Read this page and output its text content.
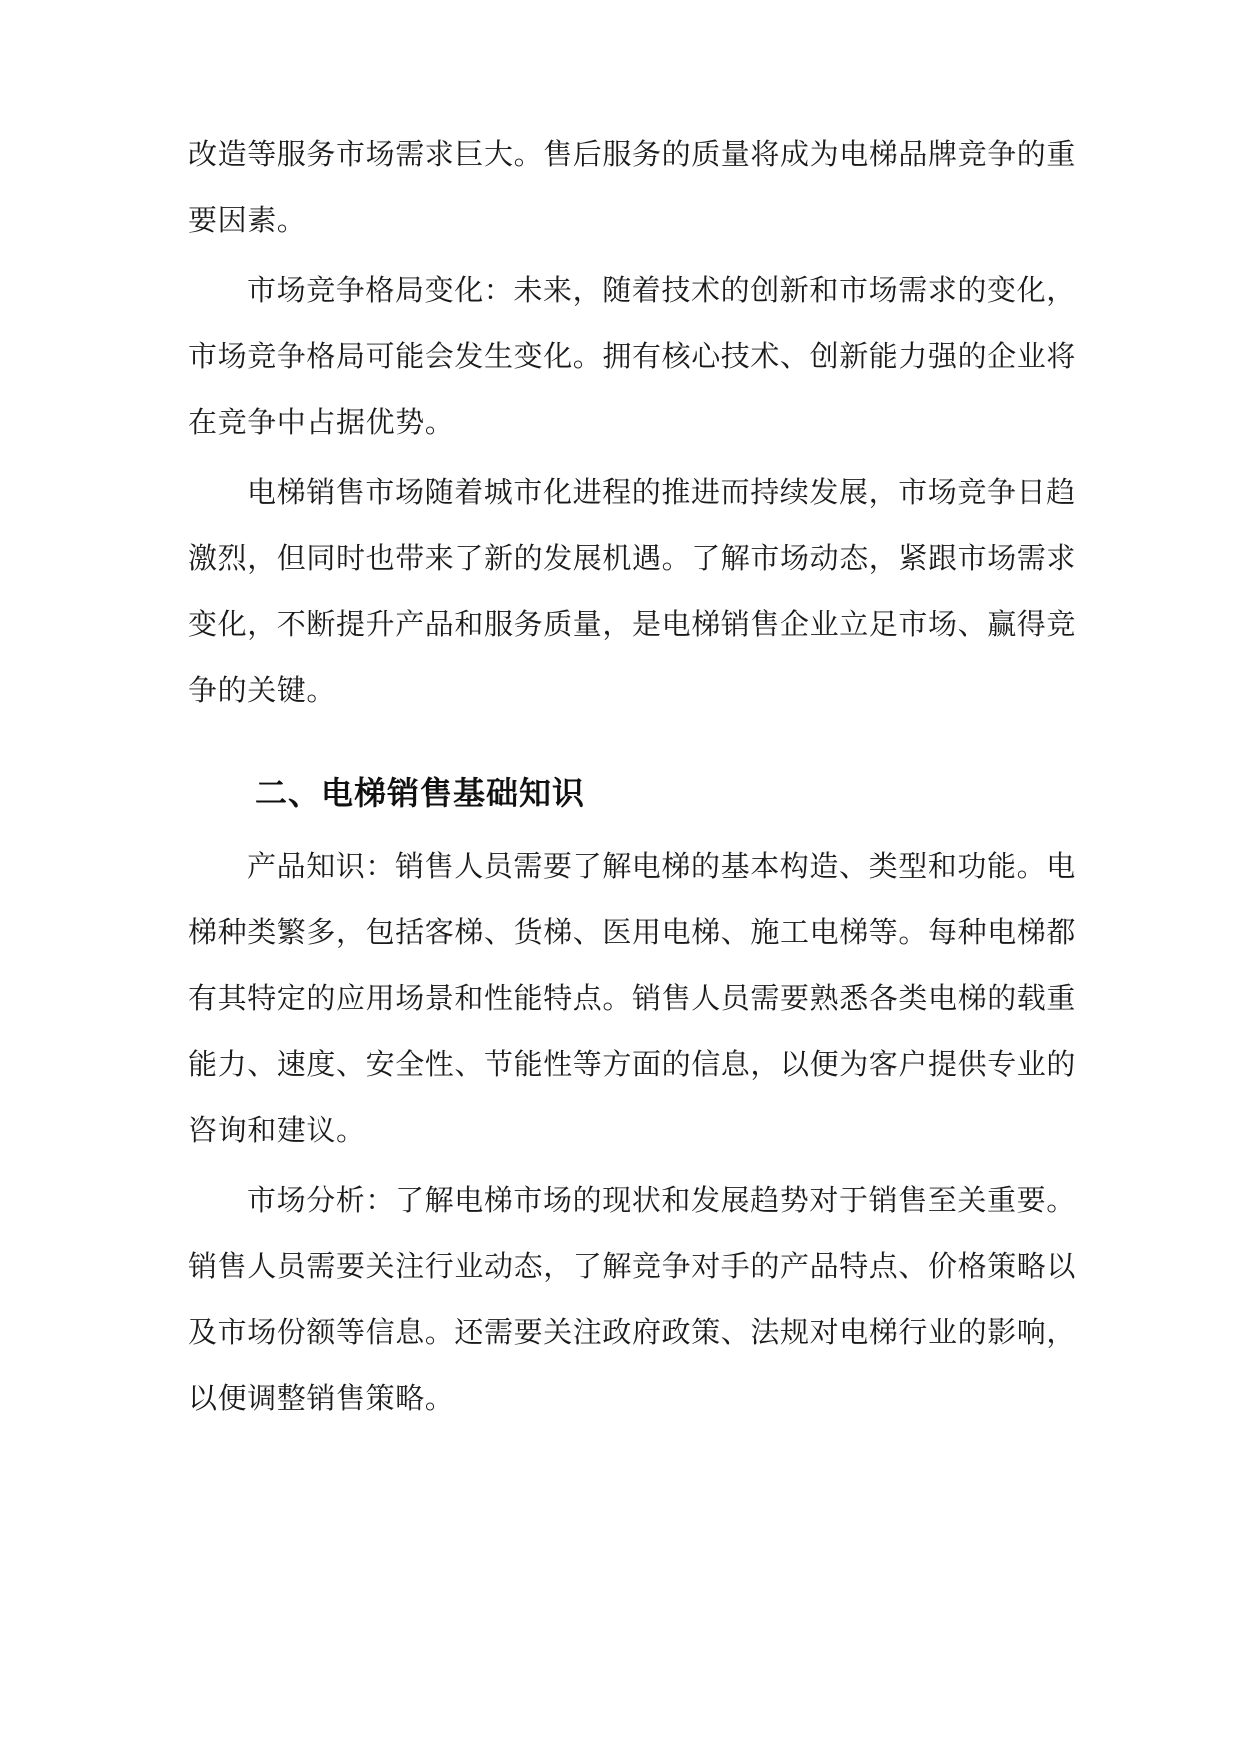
改造等服务市场需求巨大。售后服务的质量将成为电梯品牌竞争的重
要因素。
市场竞争格局变化：未来，随着技术的创新和市场需求的变化，
市场竞争格局可能会发生变化。拥有核心技术、创新能力强的企业将
在竞争中占据优势。
电梯销售市场随着城市化进程的推进而持续发展，市场竞争日趋
激烈，但同时也带来了新的发展机遇。了解市场动态，紧跟市场需求
变化，不断提升产品和服务质量，是电梯销售企业立足市场、赢得竞
争的关键。
二、电梯销售基础知识
产品知识：销售人员需要了解电梯的基本构造、类型和功能。电
梯种类繁多，包括客梯、货梯、医用电梯、施工电梯等。每种电梯都
有其特定的应用场景和性能特点。销售人员需要熟悉各类电梯的载重
能力、速度、安全性、节能性等方面的信息，以便为客户提供专业的
咨询和建议。
市场分析：了解电梯市场的现状和发展趋势对于销售至关重要。
销售人员需要关注行业动态，了解竞争对手的产品特点、价格策略以
及市场份额等信息。还需要关注政府政策、法规对电梯行业的影响，
以便调整销售策略。
